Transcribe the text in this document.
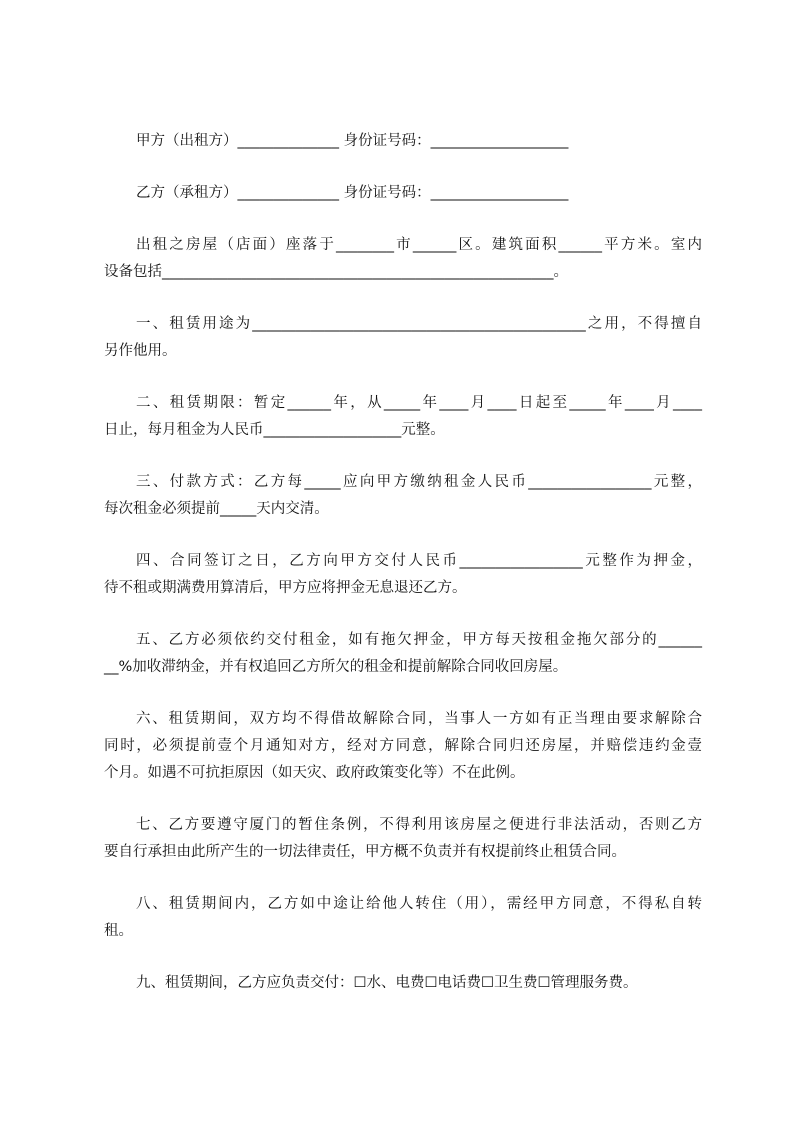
甲方（出租方）______________ 身份证号码：___________________
乙方（承租方）______________ 身份证号码：___________________
出租之房屋（店面）座落于________市______区。建筑面积______平方米。室内
设备包括______________________________________________________。
一、租赁用途为______________________________________________之用，不得擅自
另作他用。
二、租赁期限：暂定______年，从_____年____月____日起至_____年____月____
日止，每月租金为人民币___________________元整。
三、付款方式：乙方每_____应向甲方缴纳租金人民币_________________元整，
每次租金必须提前_____天内交清。
四、合同签订之日，乙方向甲方交付人民币_________________元整作为押金，
待不租或期满费用算清后，甲方应将押金无息退还乙方。
五、乙方必须依约交付租金，如有拖欠押金，甲方每天按租金拖欠部分的______
__%加收滞纳金，并有权追回乙方所欠的租金和提前解除合同收回房屋。
六、租赁期间，双方均不得借故解除合同，当事人一方如有正当理由要求解除合
同时，必须提前壹个月通知对方，经对方同意，解除合同归还房屋，并赔偿违约金壹
个月。如遇不可抗拒原因（如天灾、政府政策变化等）不在此例。
七、乙方要遵守厦门的暂住条例，不得利用该房屋之便进行非法活动，否则乙方
要自行承担由此所产生的一切法律责任，甲方概不负责并有权提前终止租赁合同。
八、租赁期间内，乙方如中途让给他人转住（用），需经甲方同意，不得私自转
租。
九、租赁期间，乙方应负责交付：☐水、电费☐电话费☐卫生费☐管理服务费。
